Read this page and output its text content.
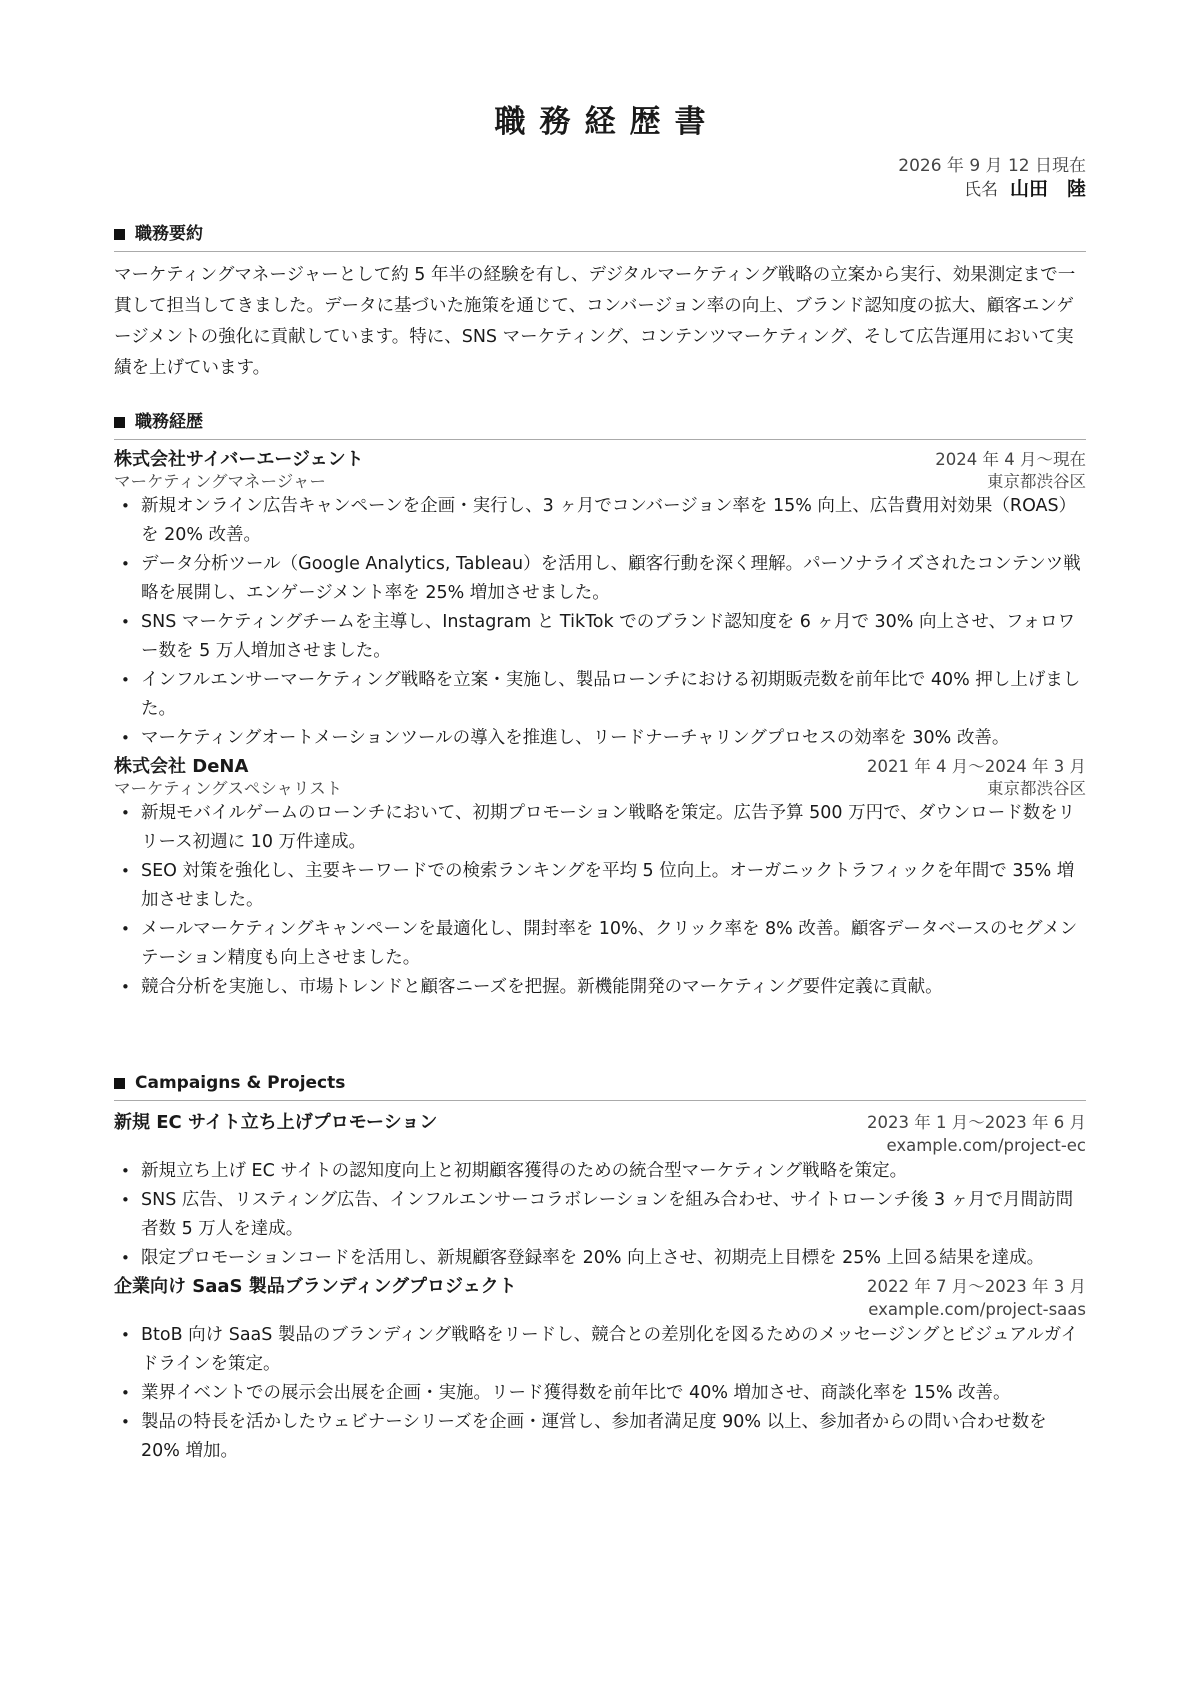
職務経歴書
2026 年 9 月 12 日現在
氏名 山田　陸
職務要約

マーケティングマネージャーとして約 5 年半の経験を有し、デジタルマーケティング戦略の立案から実行、効果測定まで一貫して担当してきました。データに基づいた施策を通じて、コンバージョン率の向上、ブランド認知度の拡大、顧客エンゲージメントの強化に貢献しています。特に、SNS マーケティング、コンテンツマーケティング、そして広告運用において実績を上げています。

職務経歴
株式会社サイバーエージェント	2024 年 4 月〜現在
マーケティングマネージャー	東京都渋谷区
• 新規オンライン広告キャンペーンを企画・実行し、3 ヶ月でコンバージョン率を 15% 向上、広告費用対効果（ROAS）を 20% 改善。
• データ分析ツール（Google Analytics, Tableau）を活用し、顧客行動を深く理解。パーソナライズされたコンテンツ戦略を展開し、エンゲージメント率を 25% 増加させました。
• SNS マーケティングチームを主導し、Instagram と TikTok でのブランド認知度を 6 ヶ月で 30% 向上させ、フォロワー数を 5 万人増加させました。
• インフルエンサーマーケティング戦略を立案・実施し、製品ローンチにおける初期販売数を前年比で 40% 押し上げました。
• マーケティングオートメーションツールの導入を推進し、リードナーチャリングプロセスの効率を 30% 改善。
株式会社 DeNA	2021 年 4 月〜2024 年 3 月
マーケティングスペシャリスト	東京都渋谷区
• 新規モバイルゲームのローンチにおいて、初期プロモーション戦略を策定。広告予算 500 万円で、ダウンロード数をリリース初週に 10 万件達成。
• SEO 対策を強化し、主要キーワードでの検索ランキングを平均 5 位向上。オーガニックトラフィックを年間で 35% 増加させました。
• メールマーケティングキャンペーンを最適化し、開封率を 10%、クリック率を 8% 改善。顧客データベースのセグメンテーション精度も向上させました。
• 競合分析を実施し、市場トレンドと顧客ニーズを把握。新機能開発のマーケティング要件定義に貢献。
Campaigns & Projects
新規 EC サイト立ち上げプロモーション	2023 年 1 月〜2023 年 6 月
example.com/project-ec
• 新規立ち上げ EC サイトの認知度向上と初期顧客獲得のための統合型マーケティング戦略を策定。
• SNS 広告、リスティング広告、インフルエンサーコラボレーションを組み合わせ、サイトローンチ後 3 ヶ月で月間訪問者数 5 万人を達成。
• 限定プロモーションコードを活用し、新規顧客登録率を 20% 向上させ、初期売上目標を 25% 上回る結果を達成。
企業向け SaaS 製品ブランディングプロジェクト	2022 年 7 月〜2023 年 3 月
example.com/project-saas
• BtoB 向け SaaS 製品のブランディング戦略をリードし、競合との差別化を図るためのメッセージングとビジュアルガイドラインを策定。
• 業界イベントでの展示会出展を企画・実施。リード獲得数を前年比で 40% 増加させ、商談化率を 15% 改善。
• 製品の特長を活かしたウェビナーシリーズを企画・運営し、参加者満足度 90% 以上、参加者からの問い合わせ数を 20% 増加。
